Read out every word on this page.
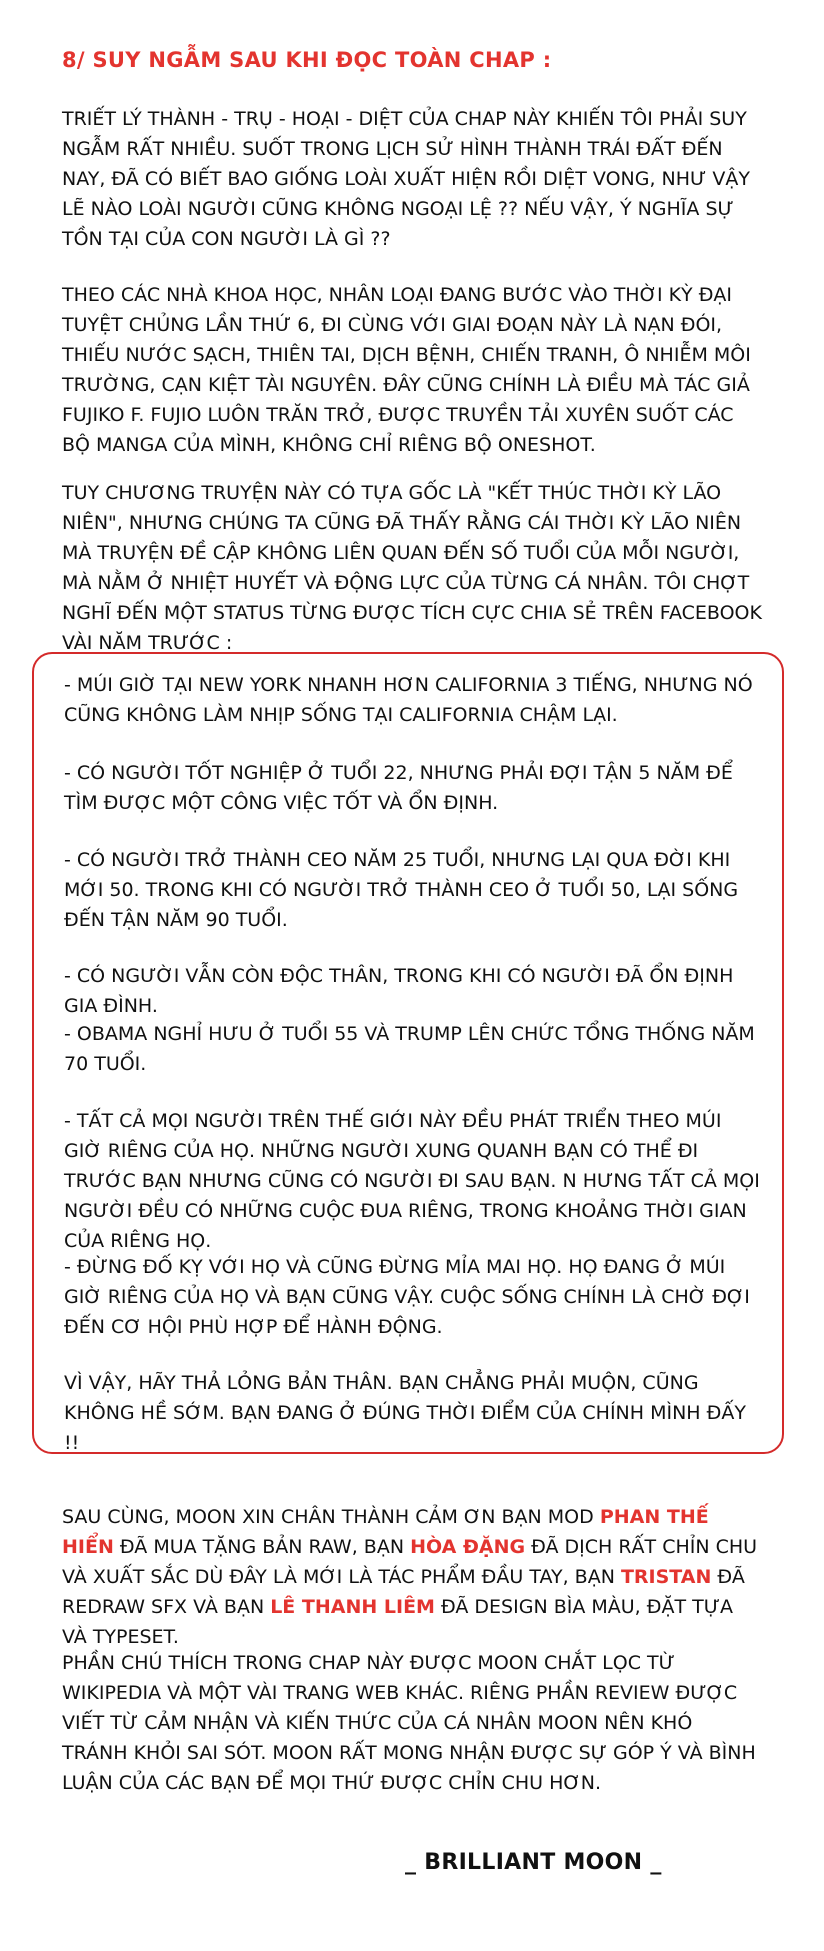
8/ SUY NGẪM SAU KHI ĐỌC TOÀN CHAP :

TRIẾT LÝ THÀNH - TRỤ - HOẠI - DIỆT CỦA CHAP NÀY KHIẾN TÔI PHẢI SUY NGẪM RẤT NHIỀU. SUỐT TRONG LỊCH SỬ HÌNH THÀNH TRÁI ĐẤT ĐẾN NAY, ĐÃ CÓ BIẾT BAO GIỐNG LOÀI XUẤT HIỆN RỒI DIỆT VONG, NHƯ VẬY LẼ NÀO LOÀI NGƯỜI CŨNG KHÔNG NGOẠI LỆ ?? NẾU VẬY, Ý NGHĨA SỰ TỒN TẠI CỦA CON NGƯỜI LÀ GÌ ??

THEO CÁC NHÀ KHOA HỌC, NHÂN LOẠI ĐANG BƯỚC VÀO THỜI KỲ ĐẠI TUYỆT CHỦNG LẦN THỨ 6, ĐI CÙNG VỚI GIAI ĐOẠN NÀY LÀ NẠN ĐÓI, THIẾU NƯỚC SẠCH, THIÊN TAI, DỊCH BỆNH, CHIẾN TRANH, Ô NHIỄM MÔI TRƯỜNG, CẠN KIỆT TÀI NGUYÊN. ĐÂY CŨNG CHÍNH LÀ ĐIỀU MÀ TÁC GIẢ FUJIKO F. FUJIO LUÔN TRĂN TRỞ, ĐƯỢC TRUYỀN TẢI XUYÊN SUỐT CÁC BỘ MANGA CỦA MÌNH, KHÔNG CHỈ RIÊNG BỘ ONESHOT.

TUY CHƯƠNG TRUYỆN NÀY CÓ TỰA GỐC LÀ "KẾT THÚC THỜI KỲ LÃO NIÊN", NHƯNG CHÚNG TA CŨNG ĐÃ THẤY RẰNG CÁI THỜI KỲ LÃO NIÊN MÀ TRUYỆN ĐỀ CẬP KHÔNG LIÊN QUAN ĐẾN SỐ TUỔI CỦA MỖI NGƯỜI, MÀ NẰM Ở NHIỆT HUYẾT VÀ ĐỘNG LỰC CỦA TỪNG CÁ NHÂN. TÔI CHỢT NGHĨ ĐẾN MỘT STATUS TỪNG ĐƯỢC TÍCH CỰC CHIA SẺ TRÊN FACEBOOK VÀI NĂM TRƯỚC :

- MÚI GIỜ TẠI NEW YORK NHANH HƠN CALIFORNIA 3 TIẾNG, NHƯNG NÓ CŨNG KHÔNG LÀM NHỊP SỐNG TẠI CALIFORNIA CHẬM LẠI.

- CÓ NGƯỜI TỐT NGHIỆP Ở TUỔI 22, NHƯNG PHẢI ĐỢI TẬN 5 NĂM ĐỂ TÌM ĐƯỢC MỘT CÔNG VIỆC TỐT VÀ ỔN ĐỊNH.

- CÓ NGƯỜI TRỞ THÀNH CEO NĂM 25 TUỔI, NHƯNG LẠI QUA ĐỜI KHI MỚI 50. TRONG KHI CÓ NGƯỜI TRỞ THÀNH CEO Ở TUỔI 50, LẠI SỐNG ĐẾN TẬN NĂM 90 TUỔI.

- CÓ NGƯỜI VẪN CÒN ĐỘC THÂN, TRONG KHI CÓ NGƯỜI ĐÃ ỔN ĐỊNH GIA ĐÌNH.

- OBAMA NGHỈ HƯU Ở TUỔI 55 VÀ TRUMP LÊN CHỨC TỔNG THỐNG NĂM 70 TUỔI.

- TẤT CẢ MỌI NGƯỜI TRÊN THẾ GIỚI NÀY ĐỀU PHÁT TRIỂN THEO MÚI GIỜ RIÊNG CỦA HỌ. NHỮNG NGƯỜI XUNG QUANH BẠN CÓ THỂ ĐI TRƯỚC BẠN NHƯNG CŨNG CÓ NGƯỜI ĐI SAU BẠN. N HƯNG TẤT CẢ MỌI NGƯỜI ĐỀU CÓ NHỮNG CUỘC ĐUA RIÊNG, TRONG KHOẢNG THỜI GIAN CỦA RIÊNG HỌ.

- ĐỪNG ĐỐ KỴ VỚI HỌ VÀ CŨNG ĐỪNG MỈA MAI HỌ. HỌ ĐANG Ở MÚI GIỜ RIÊNG CỦA HỌ VÀ BẠN CŨNG VẬY. CUỘC SỐNG CHÍNH LÀ CHỜ ĐỢI ĐẾN CƠ HỘI PHÙ HỢP ĐỂ HÀNH ĐỘNG.

VÌ VẬY, HÃY THẢ LỎNG BẢN THÂN. BẠN CHẲNG PHẢI MUỘN, CŨNG KHÔNG HỀ SỚM. BẠN ĐANG Ở ĐÚNG THỜI ĐIỂM CỦA CHÍNH MÌNH ĐẤY !!

SAU CÙNG, MOON XIN CHÂN THÀNH CẢM ƠN BẠN MOD PHAN THẾ HIỂN ĐÃ MUA TẶNG BẢN RAW, BẠN HÒA ĐẶNG ĐÃ DỊCH RẤT CHỈN CHU VÀ XUẤT SẮC DÙ ĐÂY LÀ MỚI LÀ TÁC PHẨM ĐẦU TAY, BẠN TRISTAN ĐÃ REDRAW SFX VÀ BẠN LÊ THANH LIÊM ĐÃ DESIGN BÌA MÀU, ĐẶT TỰA VÀ TYPESET.

PHẦN CHÚ THÍCH TRONG CHAP NÀY ĐƯỢC MOON CHẮT LỌC TỪ WIKIPEDIA VÀ MỘT VÀI TRANG WEB KHÁC. RIÊNG PHẦN REVIEW ĐƯỢC VIẾT TỪ CẢM NHẬN VÀ KIẾN THỨC CỦA CÁ NHÂN MOON NÊN KHÓ TRÁNH KHỎI SAI SÓT. MOON RẤT MONG NHẬN ĐƯỢC SỰ GÓP Ý VÀ BÌNH LUẬN CỦA CÁC BẠN ĐỂ MỌI THỨ ĐƯỢC CHỈN CHU HƠN.

_ BRILLIANT MOON _
